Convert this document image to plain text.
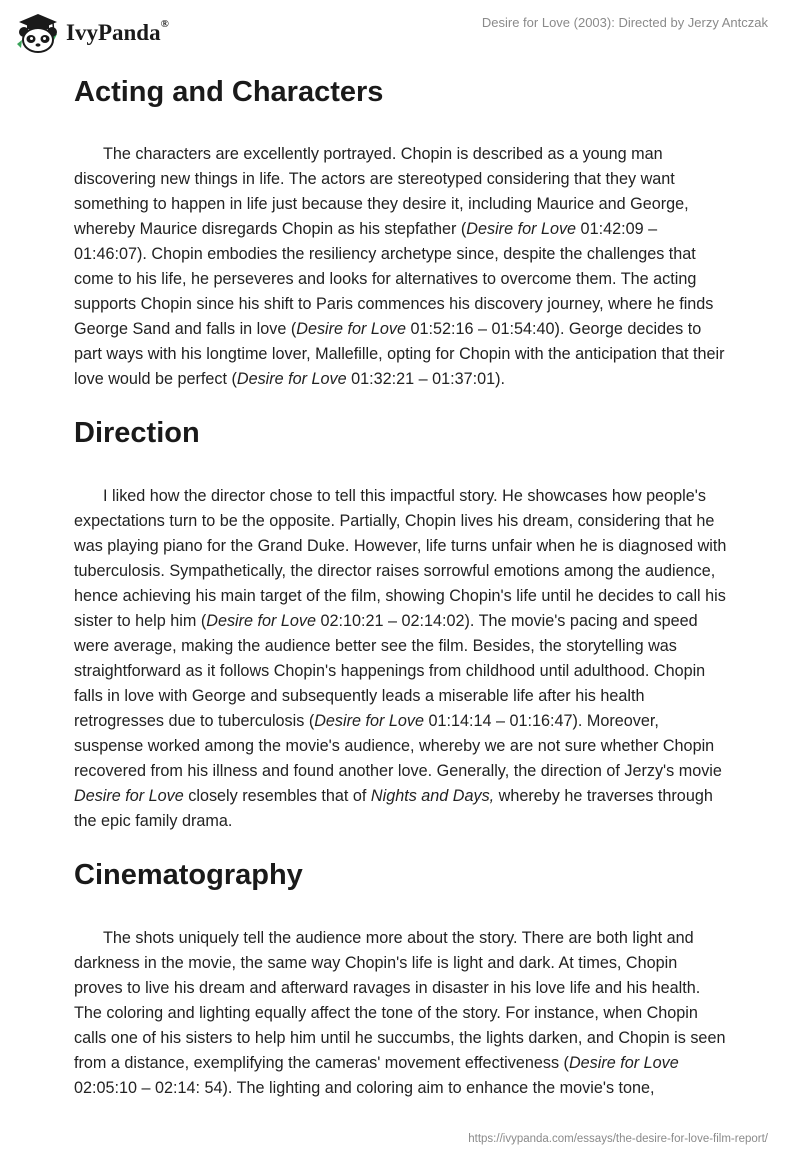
IvyPanda®	Desire for Love (2003): Directed by Jerzy Antczak
Acting and Characters

The characters are excellently portrayed. Chopin is described as a young man discovering new things in life. The actors are stereotyped considering that they want something to happen in life just because they desire it, including Maurice and George, whereby Maurice disregards Chopin as his stepfather (Desire for Love 01:42:09 – 01:46:07). Chopin embodies the resiliency archetype since, despite the challenges that come to his life, he perseveres and looks for alternatives to overcome them. The acting supports Chopin since his shift to Paris commences his discovery journey, where he finds George Sand and falls in love (Desire for Love 01:52:16 – 01:54:40). George decides to part ways with his longtime lover, Mallefille, opting for Chopin with the anticipation that their love would be perfect (Desire for Love 01:32:21 – 01:37:01).

Direction

I liked how the director chose to tell this impactful story. He showcases how people's expectations turn to be the opposite. Partially, Chopin lives his dream, considering that he was playing piano for the Grand Duke. However, life turns unfair when he is diagnosed with tuberculosis. Sympathetically, the director raises sorrowful emotions among the audience, hence achieving his main target of the film, showing Chopin's life until he decides to call his sister to help him (Desire for Love 02:10:21 – 02:14:02). The movie's pacing and speed were average, making the audience better see the film. Besides, the storytelling was straightforward as it follows Chopin's happenings from childhood until adulthood. Chopin falls in love with George and subsequently leads a miserable life after his health retrogresses due to tuberculosis (Desire for Love 01:14:14 – 01:16:47). Moreover, suspense worked among the movie's audience, whereby we are not sure whether Chopin recovered from his illness and found another love. Generally, the direction of Jerzy's movie Desire for Love closely resembles that of Nights and Days, whereby he traverses through the epic family drama.

Cinematography

The shots uniquely tell the audience more about the story. There are both light and darkness in the movie, the same way Chopin's life is light and dark. At times, Chopin proves to live his dream and afterward ravages in disaster in his love life and his health. The coloring and lighting equally affect the tone of the story. For instance, when Chopin calls one of his sisters to help him until he succumbs, the lights darken, and Chopin is seen from a distance, exemplifying the cameras' movement effectiveness (Desire for Love 02:05:10 – 02:14: 54). The lighting and coloring aim to enhance the movie's tone,

https://ivypanda.com/essays/the-desire-for-love-film-report/
